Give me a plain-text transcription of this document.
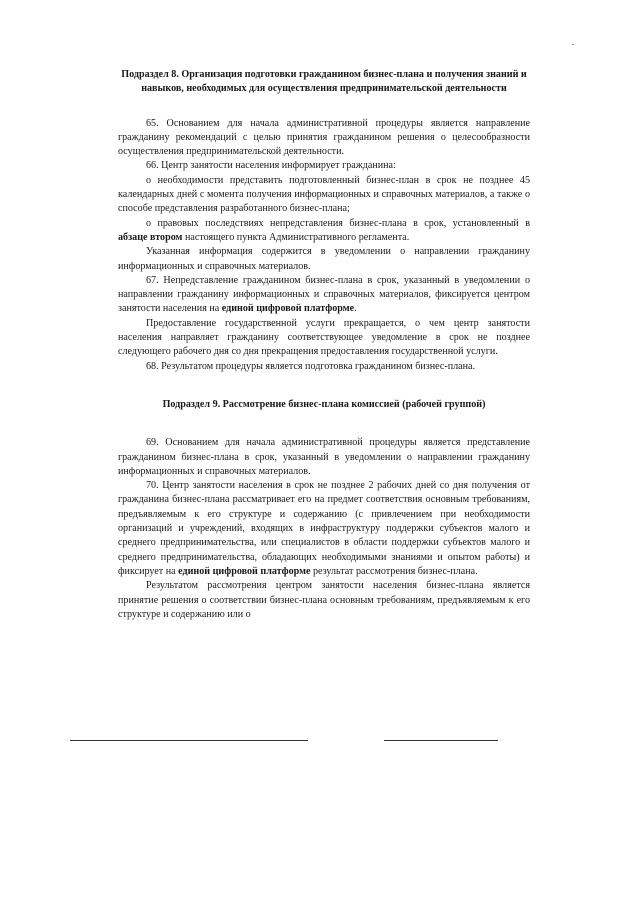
Подраздел 8. Организация подготовки гражданином бизнес-плана и получения знаний и навыков, необходимых для осуществления предпринимательской деятельности

65. Основанием для начала административной процедуры является направление гражданину рекомендаций с целью принятия гражданином решения о целесообразности осуществления предпринимательской деятельности.

66. Центр занятости населения информирует гражданина:

о необходимости представить подготовленный бизнес-план в срок не позднее 45 календарных дней с момента получения информационных и справочных материалов, а также о способе представления разработанного бизнес-плана;

о правовых последствиях непредставления бизнес-плана в срок, установленный в абзаце втором настоящего пункта Административного регламента.

Указанная информация содержится в уведомлении о направлении гражданину информационных и справочных материалов.

67. Непредставление гражданином бизнес-плана в срок, указанный в уведомлении о направлении гражданину информационных и справочных материалов, фиксируется центром занятости населения на единой цифровой платформе.

Предоставление государственной услуги прекращается, о чем центр занятости населения направляет гражданину соответствующее уведомление в срок не позднее следующего рабочего дня со дня прекращения предоставления государственной услуги.

68. Результатом процедуры является подготовка гражданином бизнес-плана.

Подраздел 9. Рассмотрение бизнес-плана комиссией (рабочей группой)

69. Основанием для начала административной процедуры является представление гражданином бизнес-плана в срок, указанный в уведомлении о направлении гражданину информационных и справочных материалов.

70. Центр занятости населения в срок не позднее 2 рабочих дней со дня получения от гражданина бизнес-плана рассматривает его на предмет соответствия основным требованиям, предъявляемым к его структуре и содержанию (с привлечением при необходимости организаций и учреждений, входящих в инфраструктуру поддержки субъектов малого и среднего предпринимательства, или специалистов в области поддержки субъектов малого и среднего предпринимательства, обладающих необходимыми знаниями и опытом работы) и фиксирует на единой цифровой платформе результат рассмотрения бизнес-плана.

Результатом рассмотрения центром занятости населения бизнес-плана является принятие решения о соответствии бизнес-плана основным требованиям, предъявляемым к его структуре и содержанию или о
